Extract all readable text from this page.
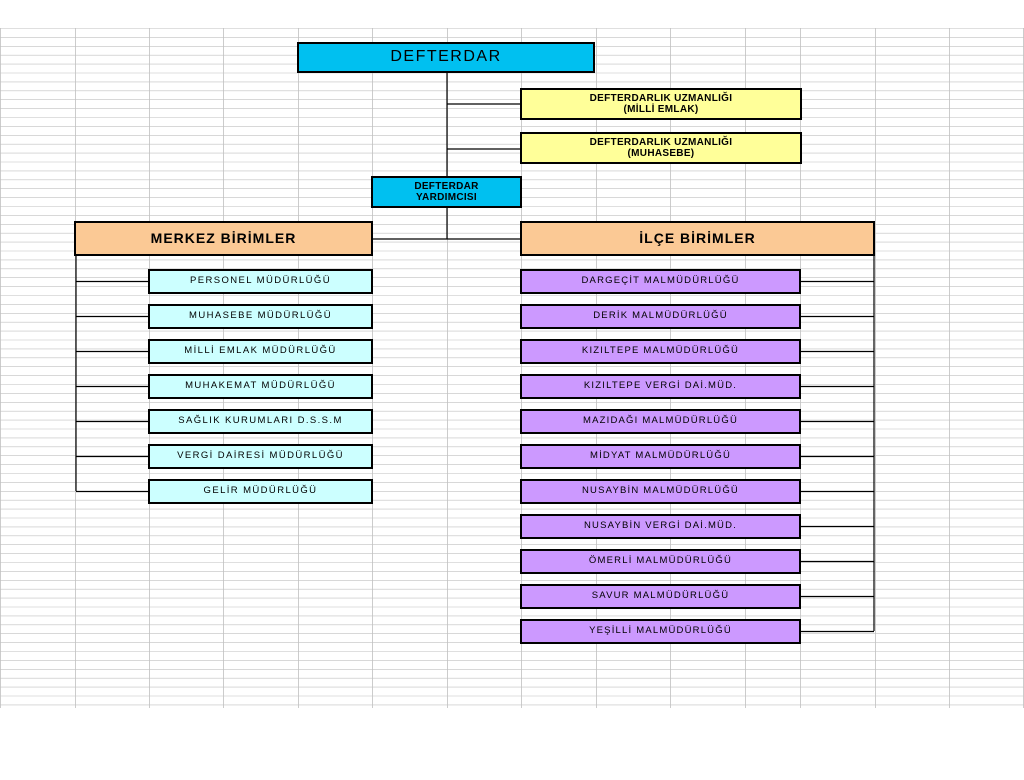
DEFTERDAR
DEFTERDARLIK UZMANLIĞI
(MİLLİ EMLAK)
DEFTERDARLIK UZMANLIĞI
(MUHASEBE)
DEFTERDAR
YARDIMCISI
MERKEZ BİRİMLER	İLÇE BİRİMLER
PERSONEL MÜDÜRLÜĞÜ
MUHASEBE MÜDÜRLÜĞÜ
MİLLİ EMLAK MÜDÜRLÜĞÜ
MUHAKEMAT MÜDÜRLÜĞÜ
SAĞLIK KURUMLARI D.S.S.M
VERGİ DAİRESİ MÜDÜRLÜĞÜ
GELİR MÜDÜRLÜĞÜ
DARGEÇİT MALMÜDÜRLÜĞÜ
DERİK MALMÜDÜRLÜĞÜ
KIZILTEPE MALMÜDÜRLÜĞÜ
KIZILTEPE VERGİ DAİ.MÜD.
MAZIDAĞI MALMÜDÜRLÜĞÜ
MİDYAT MALMÜDÜRLÜĞÜ
NUSAYBİN MALMÜDÜRLÜĞÜ
NUSAYBİN VERGİ DAİ.MÜD.
ÖMERLİ MALMÜDÜRLÜĞÜ
SAVUR MALMÜDÜRLÜĞÜ
YEŞİLLİ MALMÜDÜRLÜĞÜ
